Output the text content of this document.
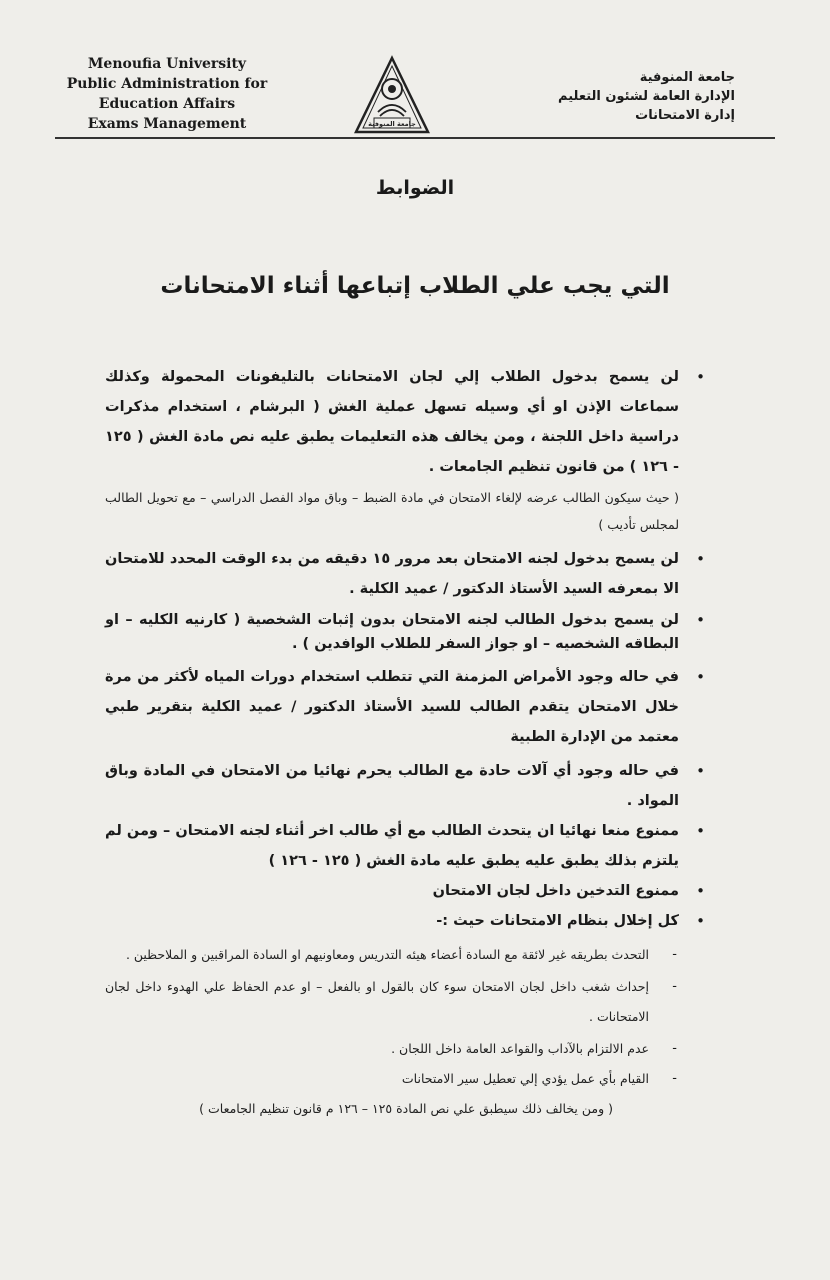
Menoufia University
Public Administration for
Education Affairs
Exams Management	جامعة المنوفية
جامعة المنوفية
الإدارة العامة لشئون التعليم
إدارة الامتحانات
الضوابط
التي يجب علي الطلاب إتباعها أثناء الامتحانات
•
لن يسمح بدخول الطلاب إلي لجان الامتحانات بالتليفونات المحمولة وكذلك سماعات الإذن او أي وسيله تسهل عملية الغش ( البرشام ، استخدام مذكرات دراسية داخل اللجنة ، ومن يخالف هذه التعليمات يطبق عليه نص مادة الغش ( ١٢٥ - ١٢٦ ) من قانون تنظيم الجامعات .
( حيث سيكون الطالب عرضه لإلغاء الامتحان في مادة الضبط – وباق مواد الفصل الدراسي – مع تحويل الطالب لمجلس تأديب )
•
لن يسمح بدخول لجنه الامتحان بعد مرور ١٥ دقيقه من بدء الوقت المحدد للامتحان الا بمعرفه السيد الأستاذ الدكتور / عميد الكلية .
•
لن يسمح بدخول الطالب لجنه الامتحان بدون إثبات الشخصية ( كارنيه الكليه – او البطاقه الشخصيه – او جواز السفر للطلاب الوافدين ) .
•
في حاله وجود الأمراض المزمنة التي تتطلب استخدام دورات المياه لأكثر من مرة خلال الامتحان يتقدم الطالب للسيد الأستاذ الدكتور / عميد الكلية بتقرير طبي معتمد من الإدارة الطبية
•
في حاله وجود أي آلات حادة مع الطالب يحرم نهائيا من الامتحان في المادة وباق المواد .
•
ممنوع منعا نهائيا ان يتحدث الطالب مع أي طالب اخر أثناء لجنه الامتحان – ومن لم يلتزم بذلك يطبق عليه يطبق عليه مادة الغش ( ١٢٥ - ١٢٦ )
•
ممنوع التدخين داخل لجان الامتحان
•
كل إخلال بنظام الامتحانات حيث :-
-
التحدث بطريقه غير لائقة مع السادة أعضاء هيئه التدريس ومعاونيهم او السادة المراقبين و الملاحظين .
-
إحداث شغب داخل لجان الامتحان سوء كان بالقول او بالفعل – او عدم الحفاظ علي الهدوء داخل لجان الامتحانات .
-
عدم الالتزام بالآداب والقواعد العامة داخل اللجان .
-
القيام بأي عمل يؤدي إلي تعطيل سير الامتحانات
( ومن يخالف ذلك سيطبق علي نص المادة ١٢٥ – ١٢٦ م قانون تنظيم الجامعات )
